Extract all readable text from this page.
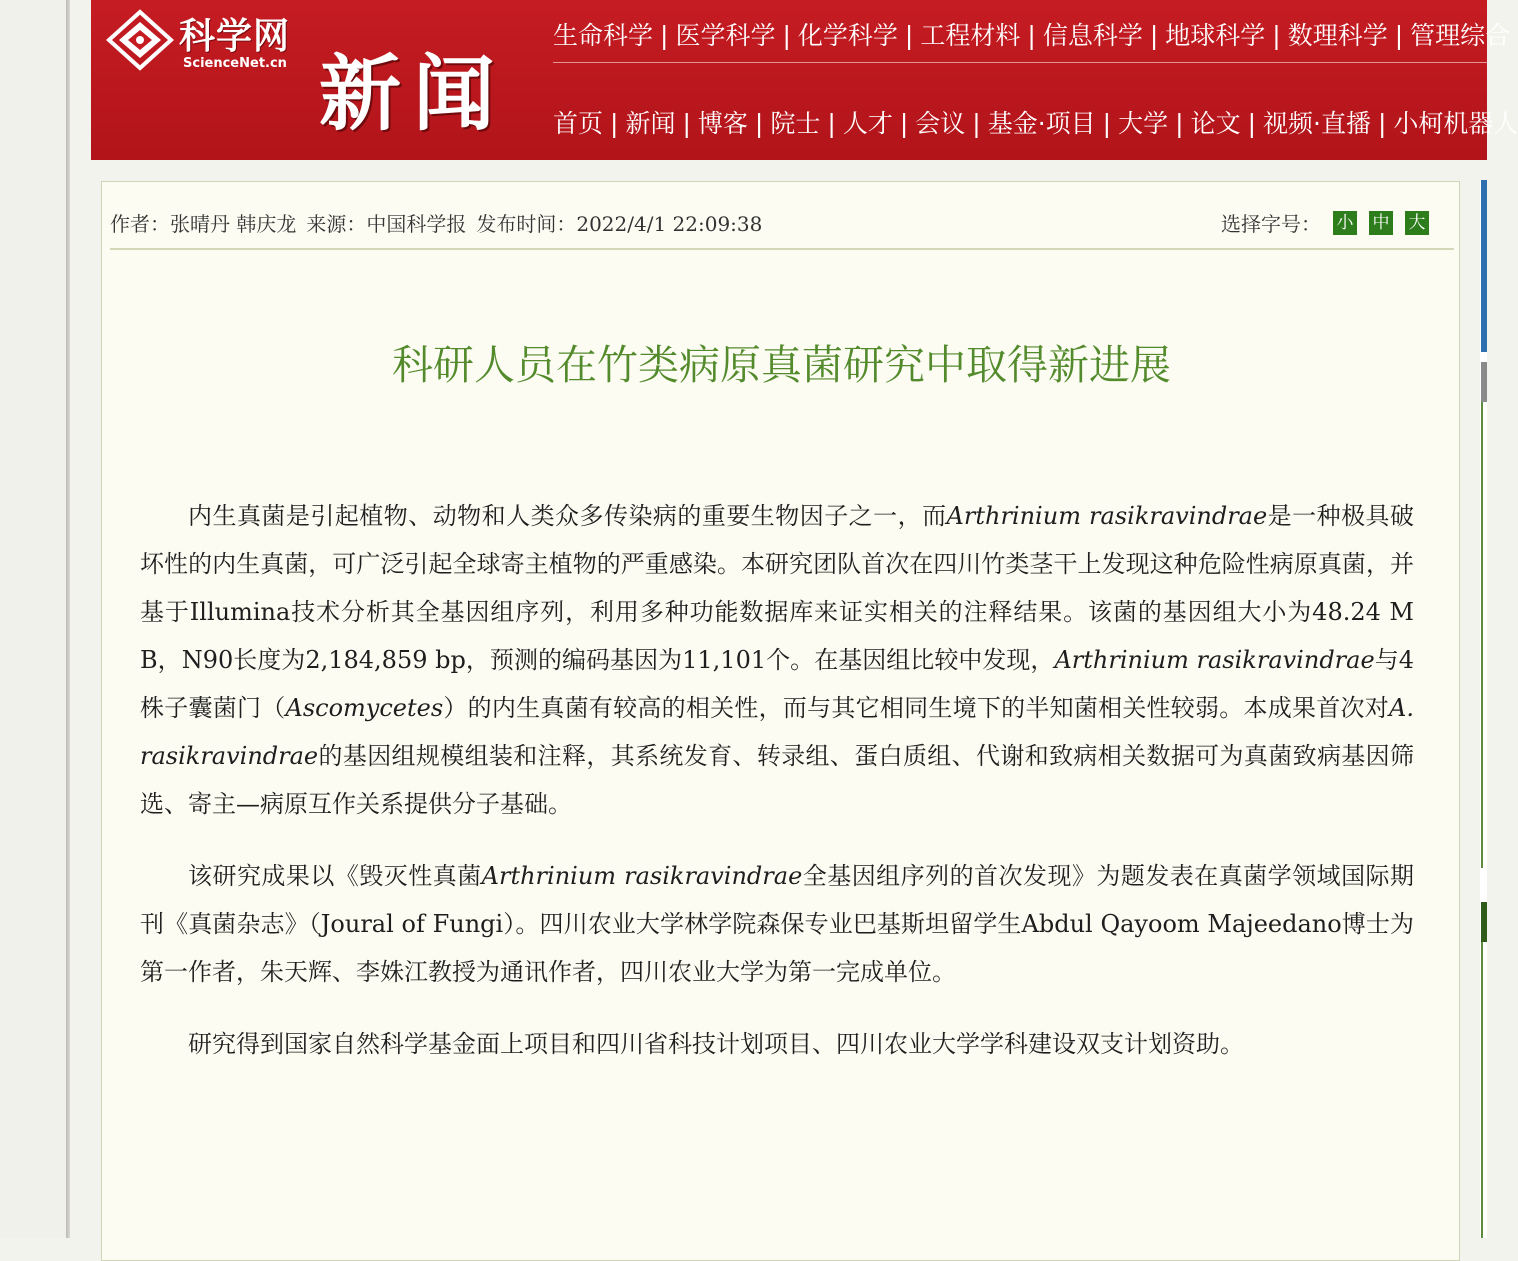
科学网
ScienceNet.cn 新闻
生命科学 | 医学科学 | 化学科学 | 工程材料 | 信息科学 | 地球科学 | 数理科学 | 管理综合
首页 | 新闻 | 博客 | 院士 | 人才 | 会议 | 基金·项目 | 大学 | 论文 | 视频·直播 | 小柯机器人
作者：张晴丹 韩庆龙 来源：中国科学报 发布时间：2022/4/1 22:09:38	选择字号： 小 中 大
科研人员在竹类病原真菌研究中取得新进展

内生真菌是引起植物、动物和人类众多传染病的重要生物因子之一，而Arthrinium rasikravindrae是一种极具破坏性的内生真菌，可广泛引起全球寄主植物的严重感染。本研究团队首次在四川竹类茎干上发现这种危险性病原真菌，并基于Illumina技术分析其全基因组序列，利用多种功能数据库来证实相关的注释结果。该菌的基因组大小为48.24 MB，N90长度为2,184,859 bp，预测的编码基因为11,101个。在基因组比较中发现，Arthrinium rasikravindrae与4株子囊菌门（Ascomycetes）的内生真菌有较高的相关性，而与其它相同生境下的半知菌相关性较弱。本成果首次对A. rasikravindrae的基因组规模组装和注释，其系统发育、转录组、蛋白质组、代谢和致病相关数据可为真菌致病基因筛选、寄主—病原互作关系提供分子基础。

该研究成果以《毁灭性真菌Arthrinium rasikravindrae全基因组序列的首次发现》为题发表在真菌学领域国际期刊《真菌杂志》（Joural of Fungi）。四川农业大学林学院森保专业巴基斯坦留学生Abdul Qayoom Majeedano博士为第一作者，朱天辉、李姝江教授为通讯作者，四川农业大学为第一完成单位。

研究得到国家自然科学基金面上项目和四川省科技计划项目、四川农业大学学科建设双支计划资助。
